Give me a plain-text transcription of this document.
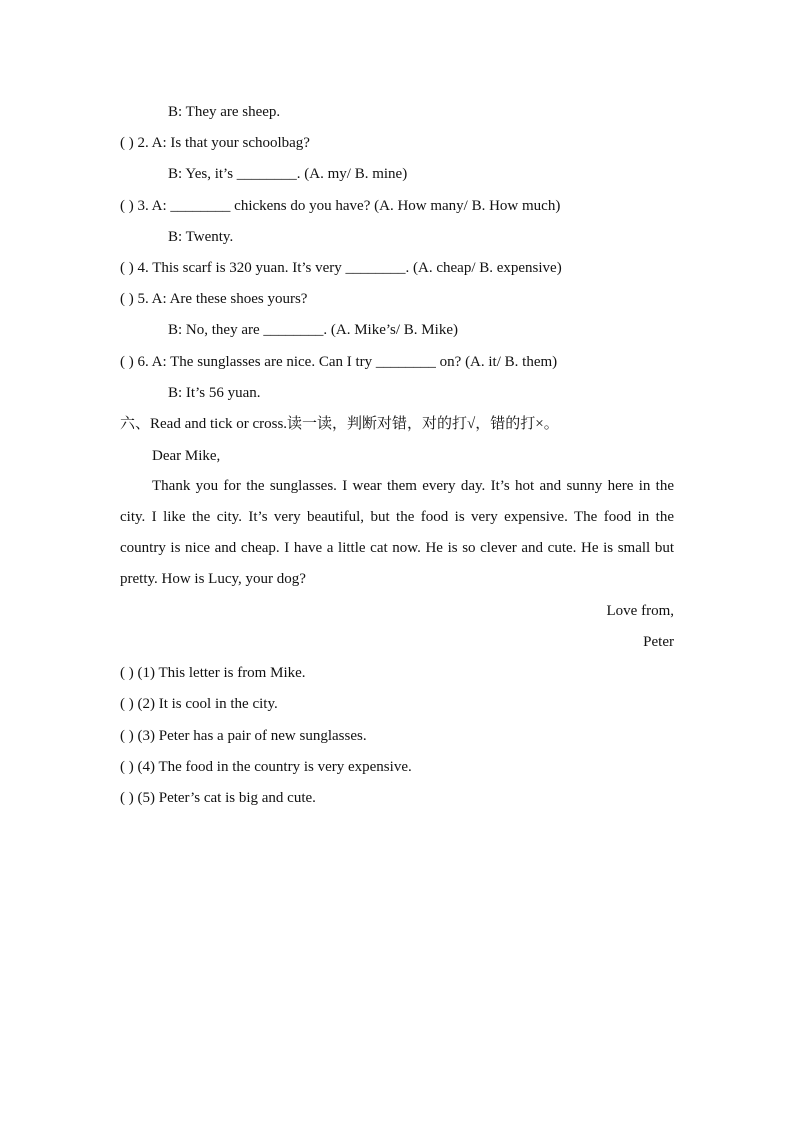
B: They are sheep.
( ) 2. A: Is that your schoolbag?
B: Yes, it’s ________. (A. my/ B. mine)
( ) 3. A: ________ chickens do you have? (A. How many/ B. How much)
B: Twenty.
( ) 4. This scarf is 320 yuan. It’s very ________. (A. cheap/ B. expensive)
( ) 5. A: Are these shoes yours?
B: No, they are ________. (A. Mike’s/ B. Mike)
( ) 6. A: The sunglasses are nice. Can I try ________ on? (A. it/ B. them)
B: It’s 56 yuan.
六、Read and tick or cross.读一读，判断对错，对的打√，错的打×。
Dear Mike,
Thank you for the sunglasses. I wear them every day. It’s hot and sunny here in the city. I like the city. It’s very beautiful, but the food is very expensive. The food in the country is nice and cheap. I have a little cat now. He is so clever and cute. He is small but pretty. How is Lucy, your dog?
Love from,
Peter
( ) (1) This letter is from Mike.
( ) (2) It is cool in the city.
( ) (3) Peter has a pair of new sunglasses.
( ) (4) The food in the country is very expensive.
( ) (5) Peter’s cat is big and cute.
